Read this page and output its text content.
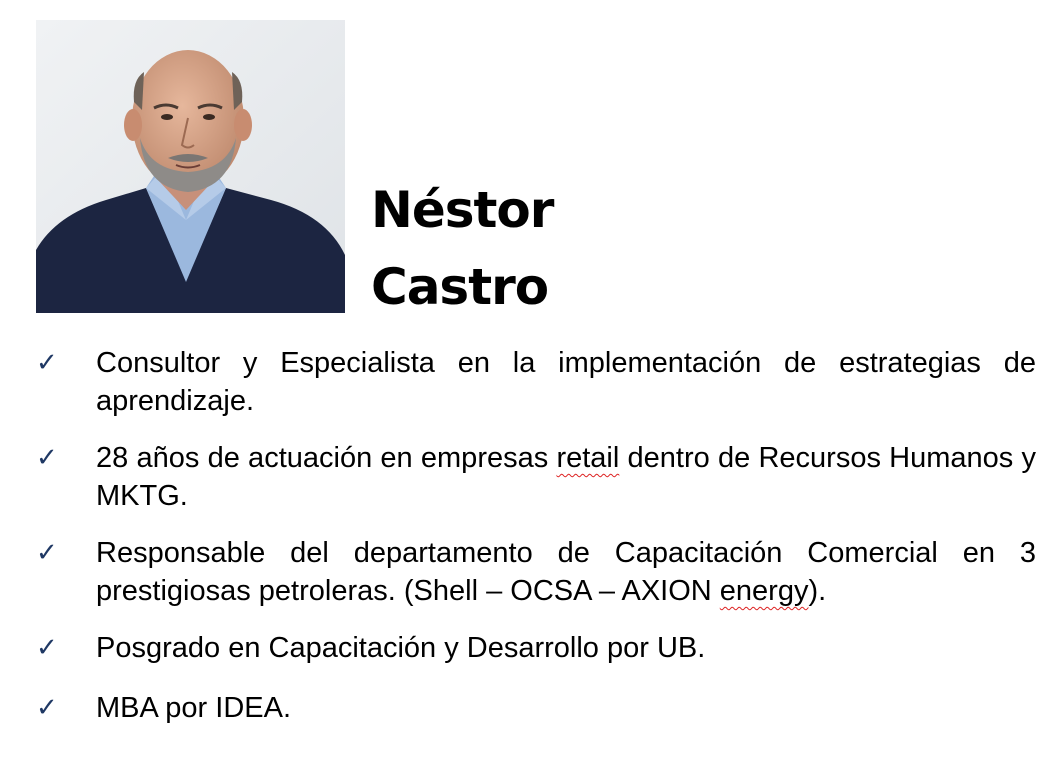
Néstor
Castro
✓	Consultor y Especialista en la implementación de estrategias de aprendizaje.
✓	28 años de actuación en empresas retail dentro de Recursos Humanos y MKTG.
✓	Responsable del departamento de Capacitación Comercial en 3 prestigiosas petroleras. (Shell – OCSA – AXION energy).
✓	Posgrado en Capacitación y Desarrollo por UB.
✓	MBA por IDEA.
